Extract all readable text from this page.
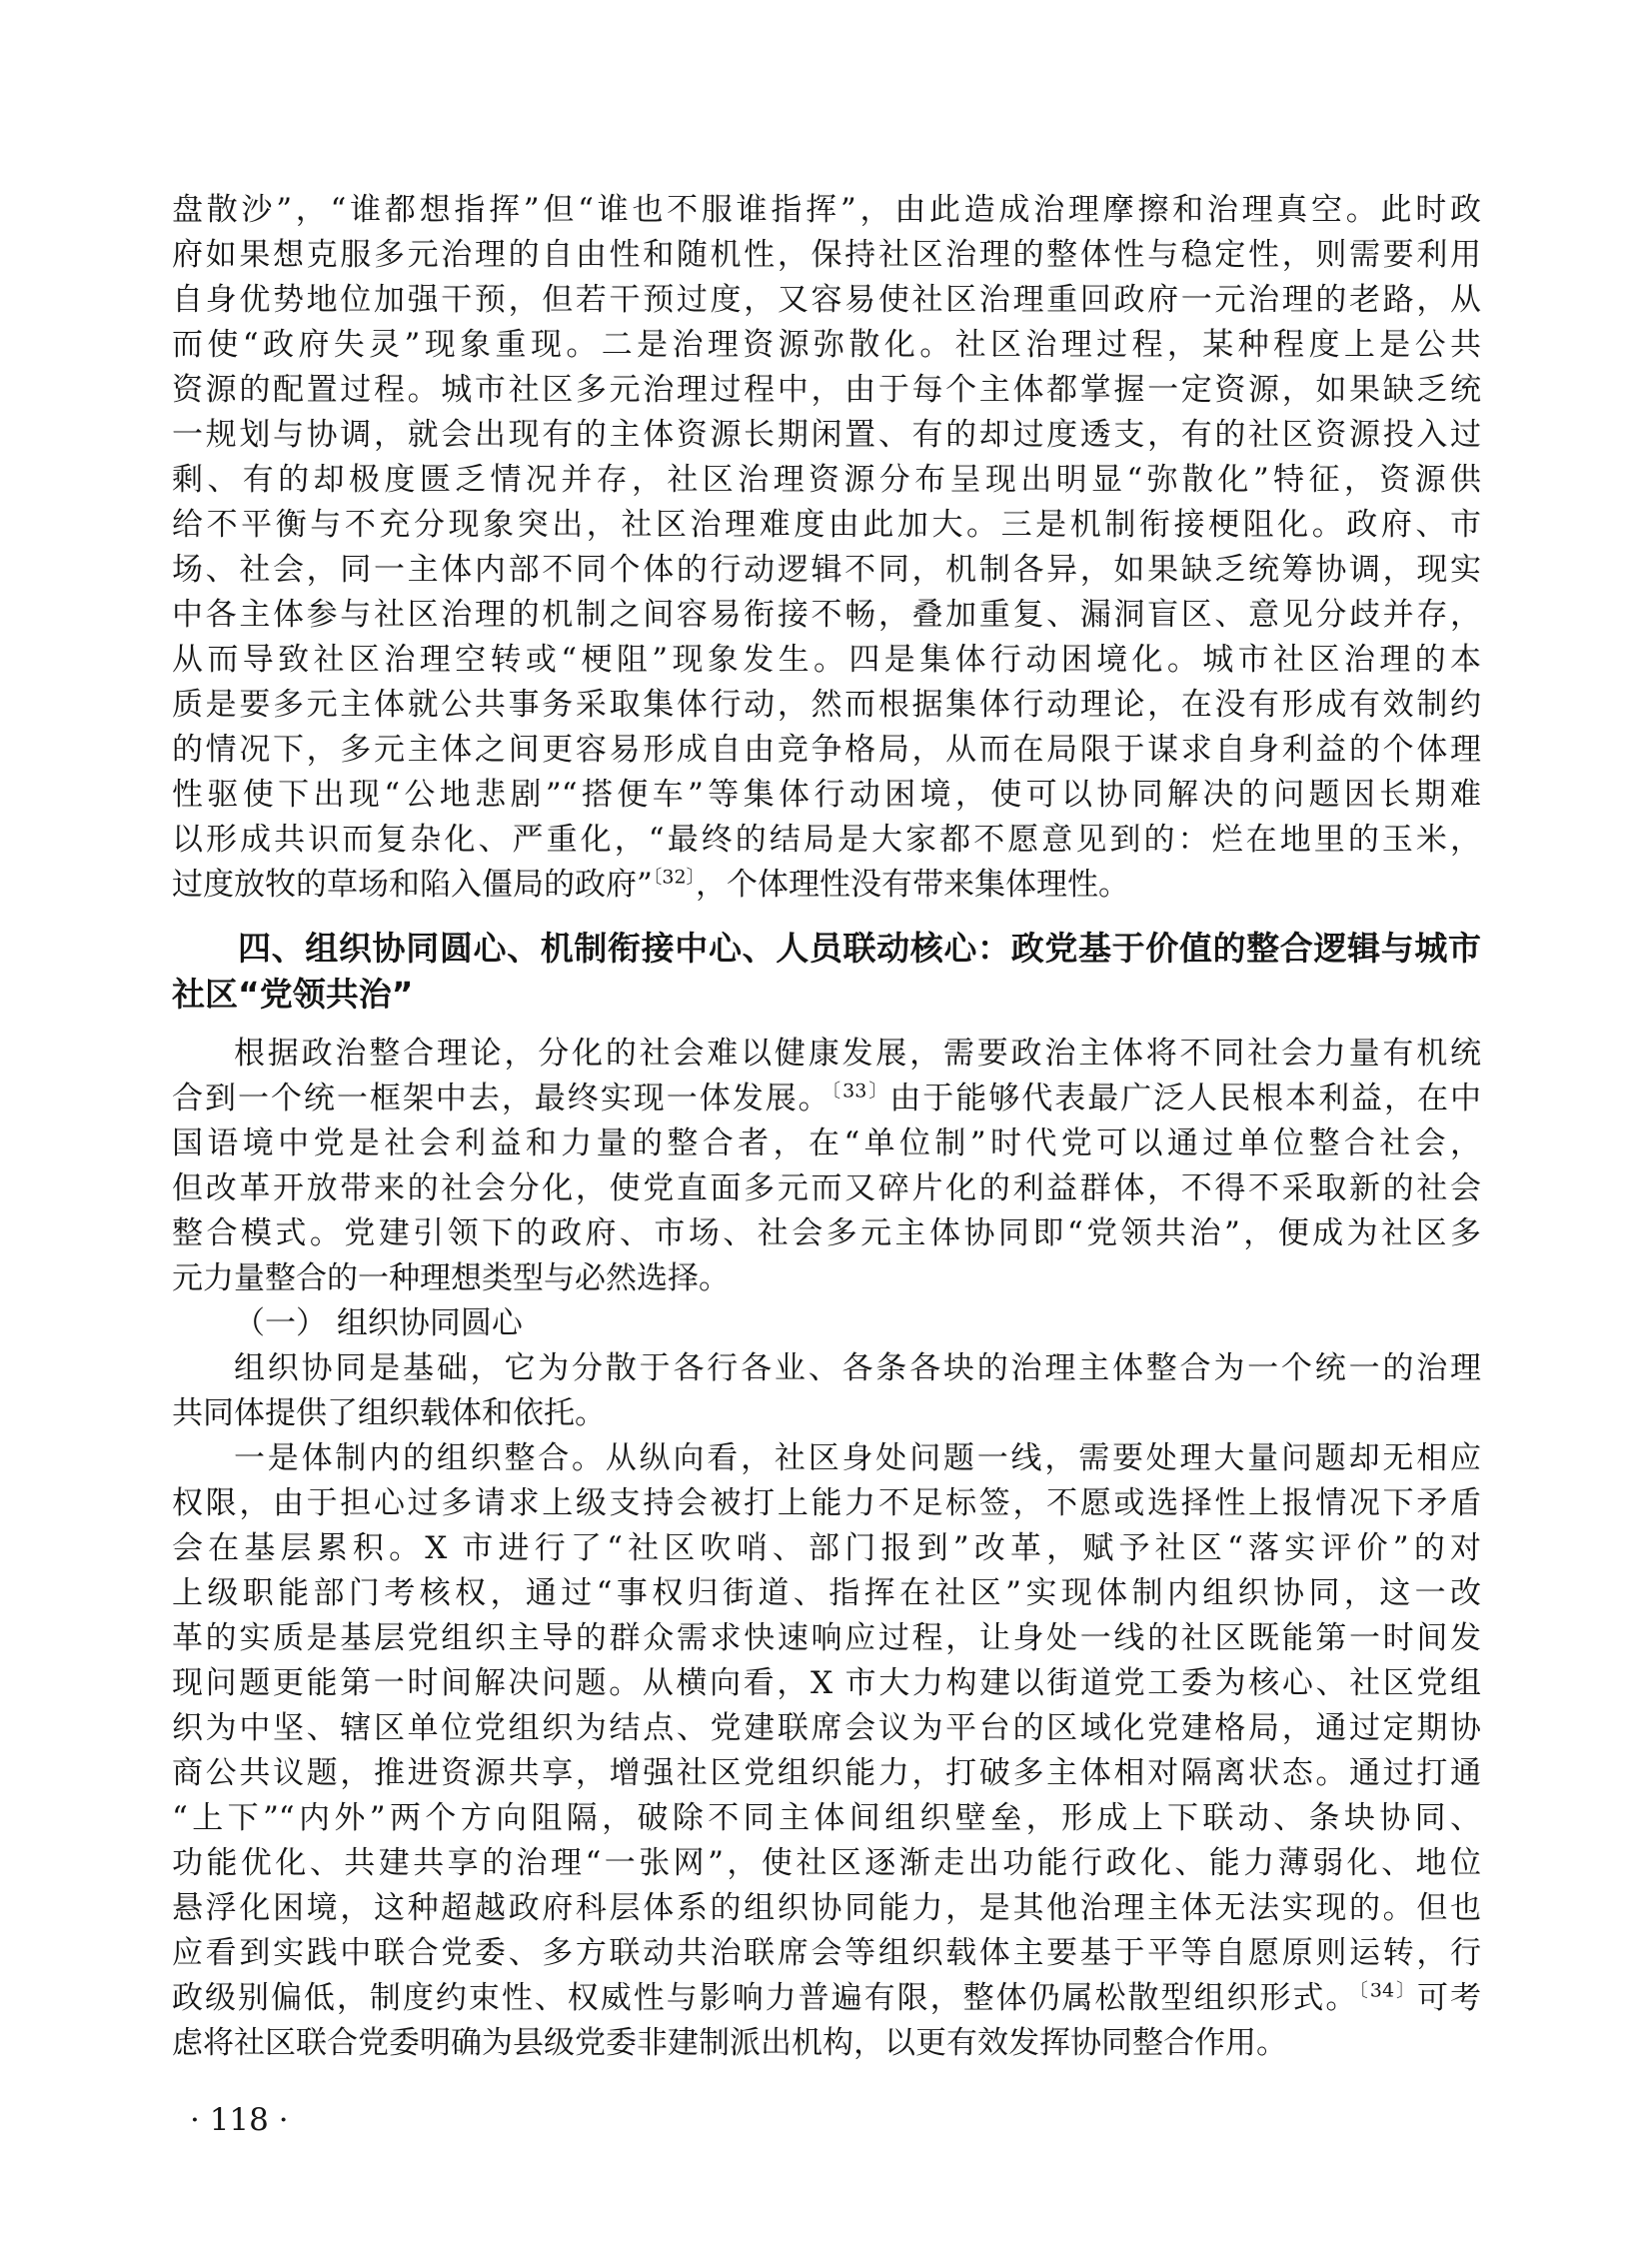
盘散沙”，“谁都想指挥”但“谁也不服谁指挥”，由此造成治理摩擦和治理真空。此时政
府如果想克服多元治理的自由性和随机性，保持社区治理的整体性与稳定性，则需要利用
自身优势地位加强干预，但若干预过度，又容易使社区治理重回政府一元治理的老路，从
而使“政府失灵”现象重现。二是治理资源弥散化。社区治理过程，某种程度上是公共
资源的配置过程。城市社区多元治理过程中，由于每个主体都掌握一定资源，如果缺乏统
一规划与协调，就会出现有的主体资源长期闲置、有的却过度透支，有的社区资源投入过
剩、有的却极度匮乏情况并存，社区治理资源分布呈现出明显“弥散化”特征，资源供
给不平衡与不充分现象突出，社区治理难度由此加大。三是机制衔接梗阻化。政府、市
场、社会，同一主体内部不同个体的行动逻辑不同，机制各异，如果缺乏统筹协调，现实
中各主体参与社区治理的机制之间容易衔接不畅，叠加重复、漏洞盲区、意见分歧并存，
从而导致社区治理空转或“梗阻”现象发生。四是集体行动困境化。城市社区治理的本
质是要多元主体就公共事务采取集体行动，然而根据集体行动理论，在没有形成有效制约
的情况下，多元主体之间更容易形成自由竞争格局，从而在局限于谋求自身利益的个体理
性驱使下出现“公地悲剧”“搭便车”等集体行动困境，使可以协同解决的问题因长期难
以形成共识而复杂化、严重化，“最终的结局是大家都不愿意见到的：烂在地里的玉米，
过度放牧的草场和陷入僵局的政府”$^{〔32〕}$，个体理性没有带来集体理性。
四、组织协同圆心、机制衔接中心、人员联动核心：政党基于价值的整合逻辑与城市
社区“党领共治”
根据政治整合理论，分化的社会难以健康发展，需要政治主体将不同社会力量有机统
合到一个统一框架中去，最终实现一体发展。$^{〔33〕}$由于能够代表最广泛人民根本利益，在中
国语境中党是社会利益和力量的整合者，在“单位制”时代党可以通过单位整合社会，
但改革开放带来的社会分化，使党直面多元而又碎片化的利益群体，不得不采取新的社会
整合模式。党建引领下的政府、市场、社会多元主体协同即“党领共治”，便成为社区多
元力量整合的一种理想类型与必然选择。
（一） 组织协同圆心
组织协同是基础，它为分散于各行各业、各条各块的治理主体整合为一个统一的治理
共同体提供了组织载体和依托。
一是体制内的组织整合。从纵向看，社区身处问题一线，需要处理大量问题却无相应
权限，由于担心过多请求上级支持会被打上能力不足标签，不愿或选择性上报情况下矛盾
会在基层累积。X 市进行了“社区吹哨、部门报到”改革，赋予社区“落实评价”的对
上级职能部门考核权，通过“事权归街道、指挥在社区”实现体制内组织协同，这一改
革的实质是基层党组织主导的群众需求快速响应过程，让身处一线的社区既能第一时间发
现问题更能第一时间解决问题。从横向看，X 市大力构建以街道党工委为核心、社区党组
织为中坚、辖区单位党组织为结点、党建联席会议为平台的区域化党建格局，通过定期协
商公共议题，推进资源共享，增强社区党组织能力，打破多主体相对隔离状态。通过打通
“上下”“内外”两个方向阻隔，破除不同主体间组织壁垒，形成上下联动、条块协同、
功能优化、共建共享的治理“一张网”，使社区逐渐走出功能行政化、能力薄弱化、地位
悬浮化困境，这种超越政府科层体系的组织协同能力，是其他治理主体无法实现的。但也
应看到实践中联合党委、多方联动共治联席会等组织载体主要基于平等自愿原则运转，行
政级别偏低，制度约束性、权威性与影响力普遍有限，整体仍属松散型组织形式。$^{〔34〕}$可考
虑将社区联合党委明确为县级党委非建制派出机构，以更有效发挥协同整合作用。
· 118 ·
